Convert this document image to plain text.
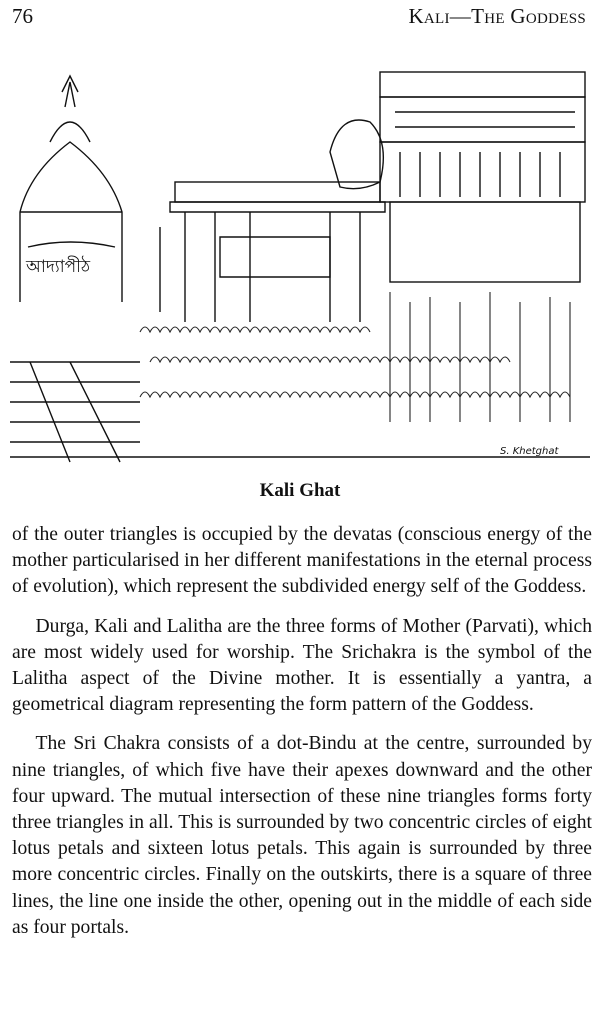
76	Kali—The Goddess
আদ্যাপীঠ
S. Khetghat
Kali Ghat

of the outer triangles is occupied by the devatas (conscious energy of the mother particularised in her different manifestations in the eternal process of evolution), which represent the subdivided energy self of the Goddess.

Durga, Kali and Lalitha are the three forms of Mother (Parvati), which are most widely used for worship. The Srichakra is the symbol of the Lalitha aspect of the Divine mother. It is essentially a yantra, a geometrical diagram representing the form pattern of the Goddess.

The Sri Chakra consists of a dot-Bindu at the centre, surrounded by nine triangles, of which five have their apexes downward and the other four upward. The mutual intersection of these nine triangles forms forty three triangles in all. This is surrounded by two concentric circles of eight lotus petals and sixteen lotus petals. This again is surrounded by three more concentric circles. Finally on the outskirts, there is a square of three lines, the line one inside the other, opening out in the middle of each side as four portals.
